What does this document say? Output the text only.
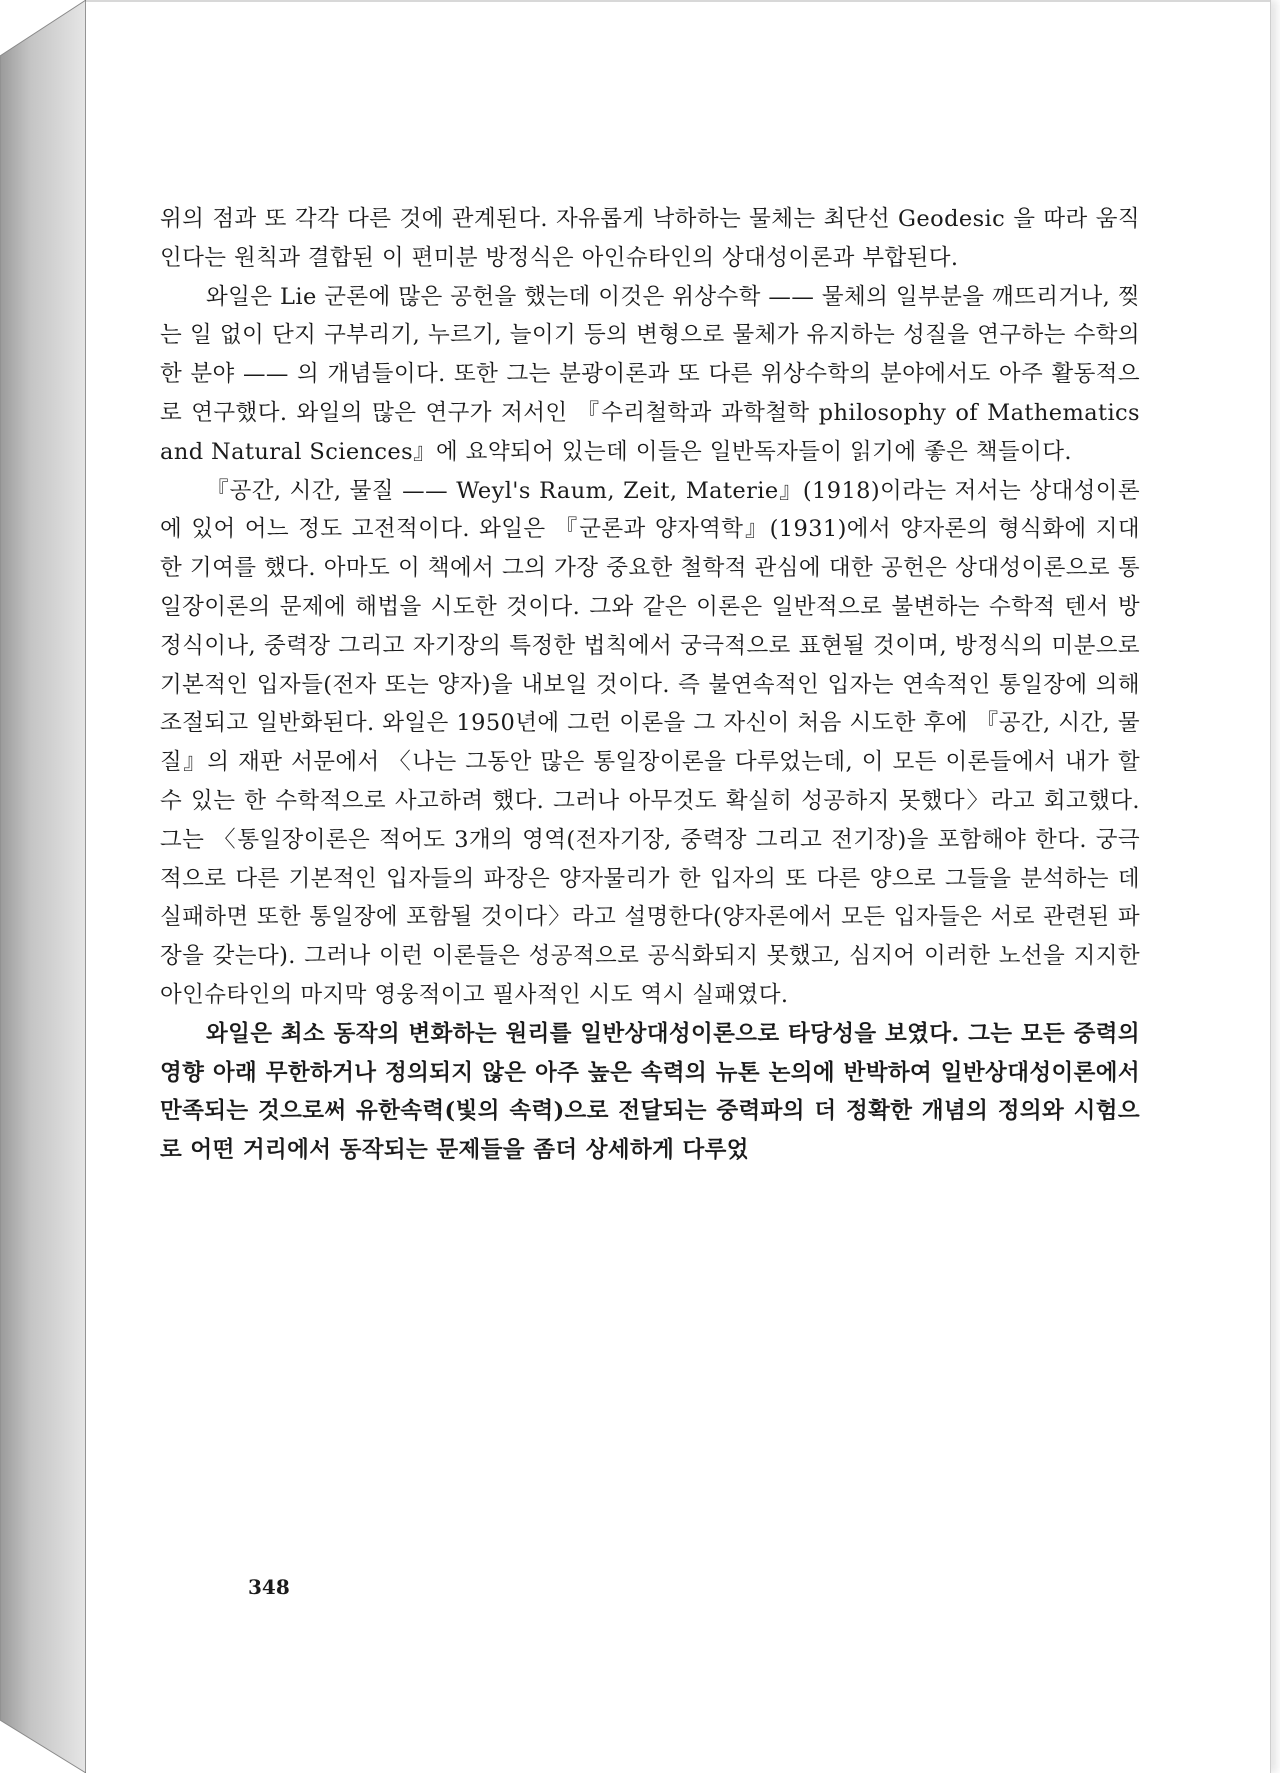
위의 점과 또 각각 다른 것에 관계된다. 자유롭게 낙하하는 물체는 최단선 Geodesic 을 따라 움직인다는 원칙과 결합된 이 편미분 방정식은 아인슈타인의 상대성이론과 부합된다.

와일은 Lie 군론에 많은 공헌을 했는데 이것은 위상수학 —— 물체의 일부분을 깨뜨리거나, 찢는 일 없이 단지 구부리기, 누르기, 늘이기 등의 변형으로 물체가 유지하는 성질을 연구하는 수학의 한 분야 —— 의 개념들이다. 또한 그는 분광이론과 또 다른 위상수학의 분야에서도 아주 활동적으로 연구했다. 와일의 많은 연구가 저서인 『수리철학과 과학철학 philosophy of Mathematics and Natural Sciences』에 요약되어 있는데 이들은 일반독자들이 읽기에 좋은 책들이다.

『공간, 시간, 물질 —— Weyl's Raum, Zeit, Materie』(1918)이라는 저서는 상대성이론에 있어 어느 정도 고전적이다. 와일은 『군론과 양자역학』(1931)에서 양자론의 형식화에 지대한 기여를 했다. 아마도 이 책에서 그의 가장 중요한 철학적 관심에 대한 공헌은 상대성이론으로 통일장이론의 문제에 해법을 시도한 것이다. 그와 같은 이론은 일반적으로 불변하는 수학적 텐서 방정식이나, 중력장 그리고 자기장의 특정한 법칙에서 궁극적으로 표현될 것이며, 방정식의 미분으로 기본적인 입자들(전자 또는 양자)을 내보일 것이다. 즉 불연속적인 입자는 연속적인 통일장에 의해 조절되고 일반화된다. 와일은 1950년에 그런 이론을 그 자신이 처음 시도한 후에 『공간, 시간, 물질』의 재판 서문에서 〈나는 그동안 많은 통일장이론을 다루었는데, 이 모든 이론들에서 내가 할 수 있는 한 수학적으로 사고하려 했다. 그러나 아무것도 확실히 성공하지 못했다〉라고 회고했다. 그는 〈통일장이론은 적어도 3개의 영역(전자기장, 중력장 그리고 전기장)을 포함해야 한다. 궁극적으로 다른 기본적인 입자들의 파장은 양자물리가 한 입자의 또 다른 양으로 그들을 분석하는 데 실패하면 또한 통일장에 포함될 것이다〉라고 설명한다(양자론에서 모든 입자들은 서로 관련된 파장을 갖는다). 그러나 이런 이론들은 성공적으로 공식화되지 못했고, 심지어 이러한 노선을 지지한 아인슈타인의 마지막 영웅적이고 필사적인 시도 역시 실패였다.

와일은 최소 동작의 변화하는 원리를 일반상대성이론으로 타당성을 보였다. 그는 모든 중력의 영향 아래 무한하거나 정의되지 않은 아주 높은 속력의 뉴톤 논의에 반박하여 일반상대성이론에서 만족되는 것으로써 유한속력(빛의 속력)으로 전달되는 중력파의 더 정확한 개념의 정의와 시험으로 어떤 거리에서 동작되는 문제들을 좀더 상세하게 다루었

348
